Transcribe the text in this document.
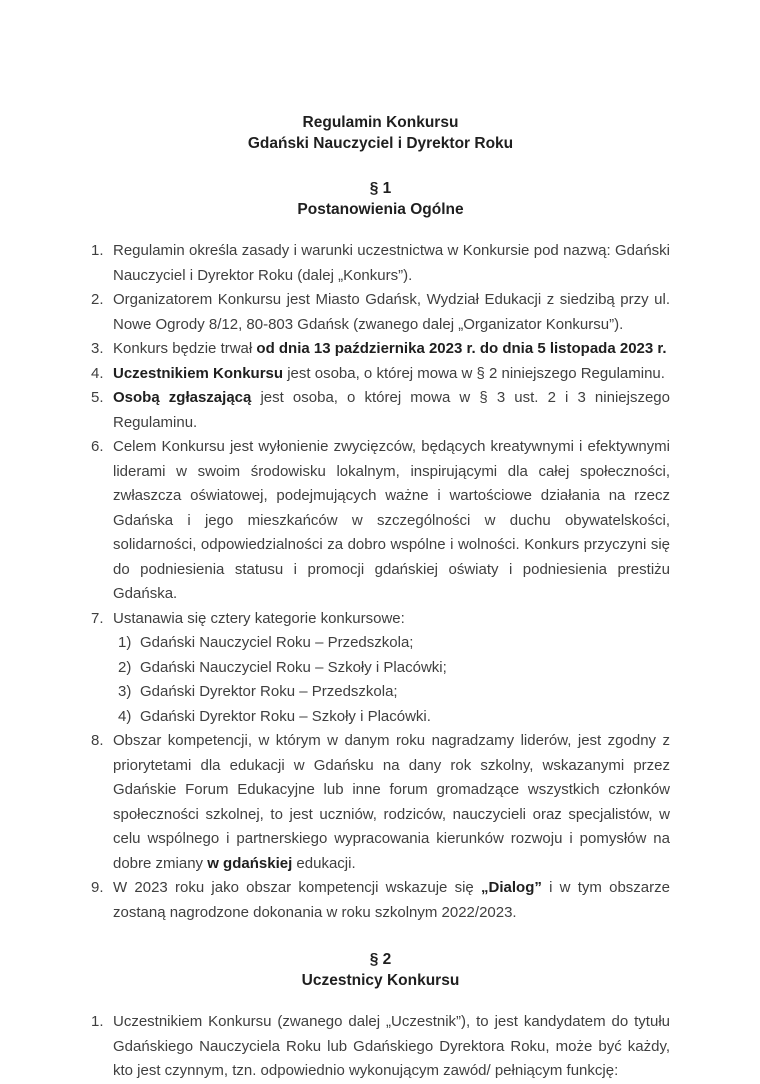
Regulamin Konkursu
Gdański Nauczyciel i Dyrektor Roku
§ 1
Postanowienia Ogólne
1. Regulamin określa zasady i warunki uczestnictwa w Konkursie pod nazwą: Gdański Nauczyciel i Dyrektor Roku (dalej „Konkurs”).
2. Organizatorem Konkursu jest Miasto Gdańsk, Wydział Edukacji z siedzibą przy ul. Nowe Ogrody 8/12, 80-803 Gdańsk (zwanego dalej „Organizator Konkursu”).
3. Konkurs będzie trwał od dnia 13 października 2023 r. do dnia 5 listopada 2023 r.
4. Uczestnikiem Konkursu jest osoba, o której mowa w § 2 niniejszego Regulaminu.
5. Osobą zgłaszającą jest osoba, o której mowa w § 3 ust. 2 i 3 niniejszego Regulaminu.
6. Celem Konkursu jest wyłonienie zwycięzców, będących kreatywnymi i efektywnymi liderami w swoim środowisku lokalnym, inspirującymi dla całej społeczności, zwłaszcza oświatowej, podejmujących ważne i wartościowe działania na rzecz Gdańska i jego mieszkańców w szczególności w duchu obywatelskości, solidarności, odpowiedzialności za dobro wspólne i wolności. Konkurs przyczyni się do podniesienia statusu i promocji gdańskiej oświaty i podniesienia prestiżu Gdańska.
7. Ustanawia się cztery kategorie konkursowe:
1) Gdański Nauczyciel Roku – Przedszkola;
2) Gdański Nauczyciel Roku – Szkoły i Placówki;
3) Gdański Dyrektor Roku – Przedszkola;
4) Gdański Dyrektor Roku – Szkoły i Placówki.
8. Obszar kompetencji, w którym w danym roku nagradzamy liderów, jest zgodny z priorytetami dla edukacji w Gdańsku na dany rok szkolny, wskazanymi przez Gdańskie Forum Edukacyjne lub inne forum gromadzące wszystkich członków społeczności szkolnej, to jest uczniów, rodziców, nauczycieli oraz specjalistów, w celu wspólnego i partnerskiego wypracowania kierunków rozwoju i pomysłów na dobre zmiany w gdańskiej edukacji.
9. W 2023 roku jako obszar kompetencji wskazuje się „Dialog” i w tym obszarze zostaną nagrodzone dokonania w roku szkolnym 2022/2023.
§ 2
Uczestnicy Konkursu
1. Uczestnikiem Konkursu (zwanego dalej „Uczestnik”), to jest kandydatem do tytułu Gdańskiego Nauczyciela Roku lub Gdańskiego Dyrektora Roku, może być każdy, kto jest czynnym, tzn. odpowiednio wykonującym zawód/ pełniącym funkcję:
